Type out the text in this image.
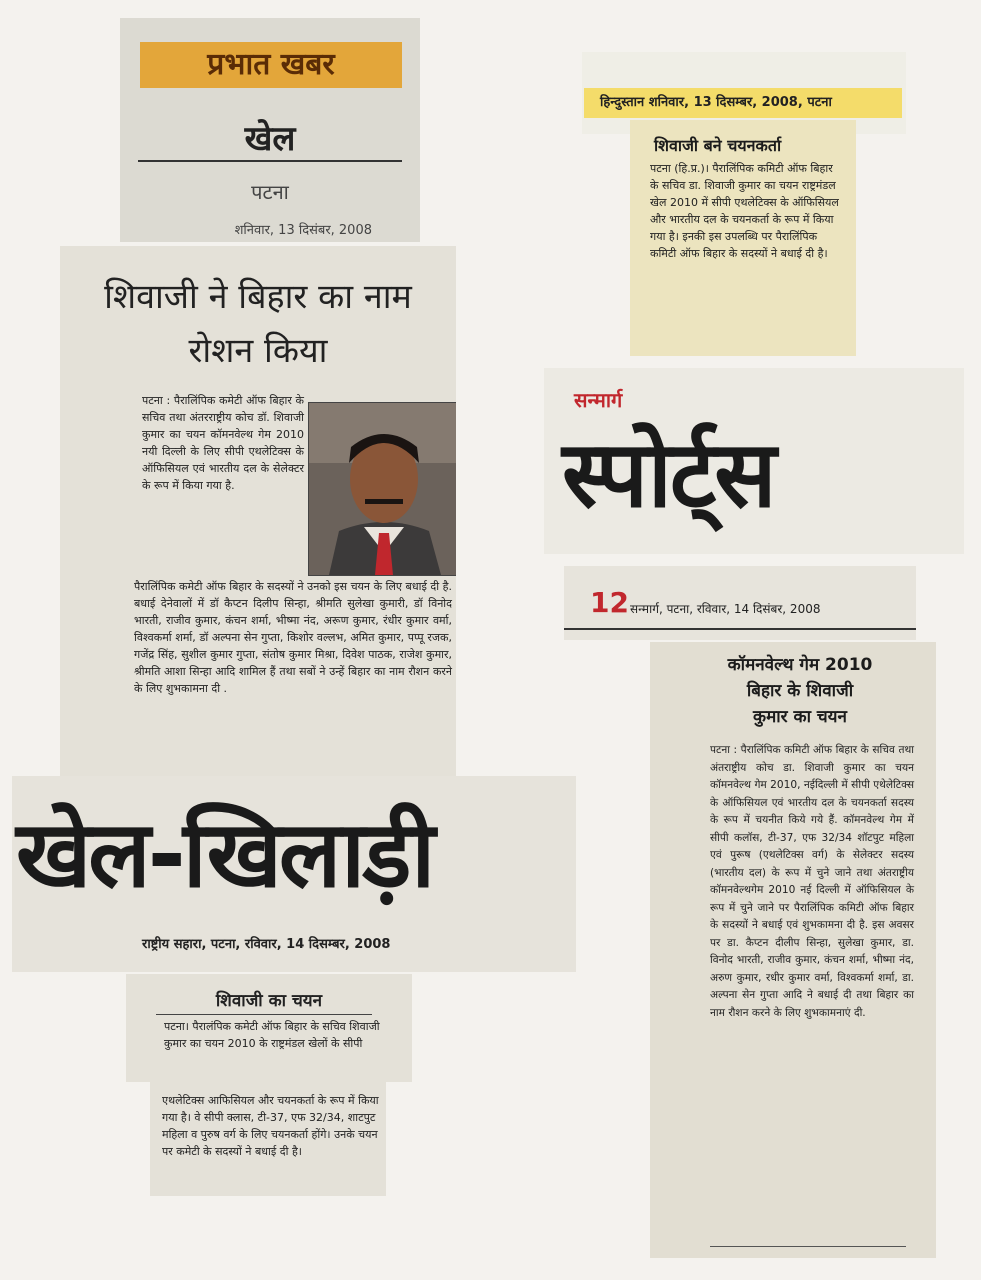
प्रभात खबर
खेल
पटना
शनिवार, 13 दिसंबर, 2008
शिवाजी ने बिहार का नाम रोशन किया
पटना : पैरालिंपिक कमेटी ऑफ बिहार के सचिव तथा अंतरराष्ट्रीय कोच डॉ. शिवाजी कुमार का चयन कॉमनवेल्थ गेम 2010 नयी दिल्ली के लिए सीपी एथलेटिक्स के ऑफिसियल एवं भारतीय दल के सेलेक्टर के रूप में किया गया है.
पैरालिंपिक कमेटी ऑफ बिहार के सदस्यों ने उनको इस चयन के लिए बधाई दी है. बधाई देनेवालों में डॉ कैप्टन दिलीप सिन्हा, श्रीमति सुलेखा कुमारी, डॉ विनोद भारती, राजीव कुमार, कंचन शर्मा, भीष्मा नंद, अरूण कुमार, रंधीर कुमार वर्मा, विश्वकर्मा शर्मा, डॉ अल्पना सेन गुप्ता, किशोर वल्लभ, अमित कुमार, पप्पू रजक, गजेंद्र सिंह, सुशील कुमार गुप्ता, संतोष कुमार मिश्रा, दिवेश पाठक, राजेश कुमार, श्रीमति आशा सिन्हा आदि शामिल हैं तथा सबों ने उन्हें बिहार का नाम रौशन करने के लिए शुभकामना दी .
हिन्दुस्तान शनिवार, 13 दिसम्बर, 2008, पटना
शिवाजी बने चयनकर्ता
पटना (हि.प्र.)। पैरालिंपिक कमिटी ऑफ बिहार के सचिव डा. शिवाजी कुमार का चयन राष्ट्रमंडल खेल 2010 में सीपी एथलेटिक्स के ऑफिसियल और भारतीय दल के चयनकर्ता के रूप में किया गया है। इनकी इस उपलब्धि पर पैरालिंपिक कमिटी ऑफ बिहार के सदस्यों ने बधाई दी है।
सन्मार्ग
स्पोर्ट्स
12 सन्मार्ग, पटना, रविवार, 14 दिसंबर, 2008
कॉमनवेल्थ गेम 2010
बिहार के शिवाजी
कुमार का चयन
पटना : पैरालिंपिक कमिटी ऑफ बिहार के सचिव तथा अंतराष्ट्रीय कोच डा. शिवाजी कुमार का चयन कॉमनवेल्थ गेम 2010, नईदिल्ली में सीपी एथेलेटिक्स के ऑफिसियल एवं भारतीय दल के चयनकर्ता सदस्य के रूप में चयनीत किये गये हैं. कॉमनवेल्थ गेम में सीपी कलॉस, टी-37, एफ 32/34 शॉटपुट महिला एवं पुरूष (एथलेटिक्स वर्ग) के सेलेक्टर सदस्य (भारतीय दल) के रूप में चुने जाने तथा अंतराष्ट्रीय कॉमनवेल्थगेम 2010 नई दिल्ली में ऑफिसियल के रूप में चुने जाने पर पैरालिंपिक कमिटी ऑफ बिहार के सदस्यों ने बधाई एवं शुभकामना दी है. इस अवसर पर डा. कैप्टन दीलीप सिन्हा, सुलेखा कुमार, डा. विनोद भारती, राजीव कुमार, कंचन शर्मा, भीष्मा नंद, अरुण कुमार, रधीर कुमार वर्मा, विश्वकर्मा शर्मा, डा. अल्पना सेन गुप्ता आदि ने बधाई दी तथा बिहार का नाम रौशन करने के लिए शुभकामनाएं दी.
खेल-खिलाड़ी
राष्ट्रीय सहारा, पटना, रविवार, 14 दिसम्बर, 2008
शिवाजी का चयन
पटना। पैरालंपिक कमेटी ऑफ बिहार के सचिव शिवाजी कुमार का चयन 2010 के राष्ट्रमंडल खेलों के सीपी
एथलेटिक्स आफिसियल और चयनकर्ता के रूप में किया गया है। वे सीपी क्लास, टी-37, एफ 32/34, शाटपुट महिला व पुरुष वर्ग के लिए चयनकर्ता होंगे। उनके चयन पर कमेटी के सदस्यों ने बधाई दी है।
